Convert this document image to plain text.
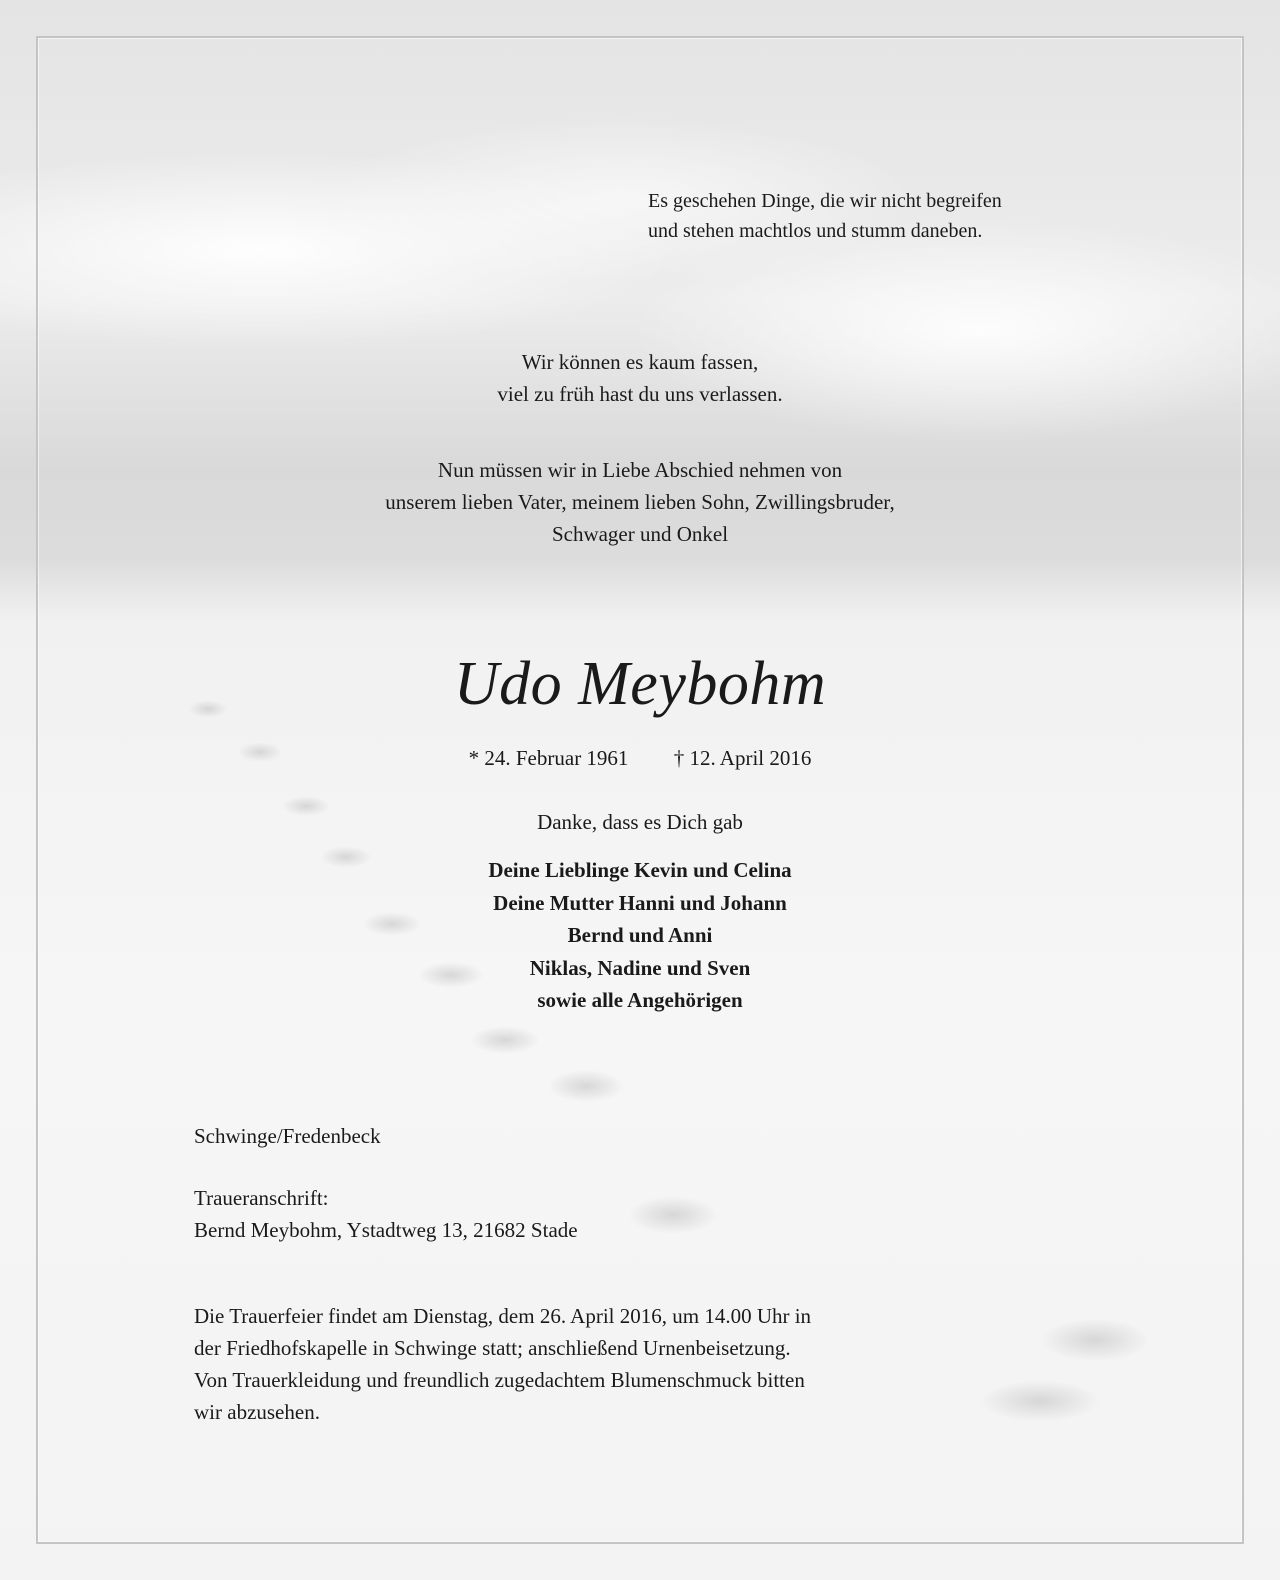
Es geschehen Dinge, die wir nicht begreifen
und stehen machtlos und stumm daneben.

Wir können es kaum fassen,
viel zu früh hast du uns verlassen.

Nun müssen wir in Liebe Abschied nehmen von
unserem lieben Vater, meinem lieben Sohn, Zwillingsbruder,
Schwager und Onkel

Udo Meybohm
* 24. Februar 1961 † 12. April 2016

Danke, dass es Dich gab

Deine Lieblinge Kevin und Celina
Deine Mutter Hanni und Johann
Bernd und Anni
Niklas, Nadine und Sven
sowie alle Angehörigen

Schwinge/Fredenbeck

Traueranschrift:

Bernd Meybohm, Ystadtweg 13, 21682 Stade

Die Trauerfeier findet am Dienstag, dem 26. April 2016, um 14.00 Uhr in
der Friedhofskapelle in Schwinge statt; anschließend Urnenbeisetzung.
Von Trauerkleidung und freundlich zugedachtem Blumenschmuck bitten
wir abzusehen.
